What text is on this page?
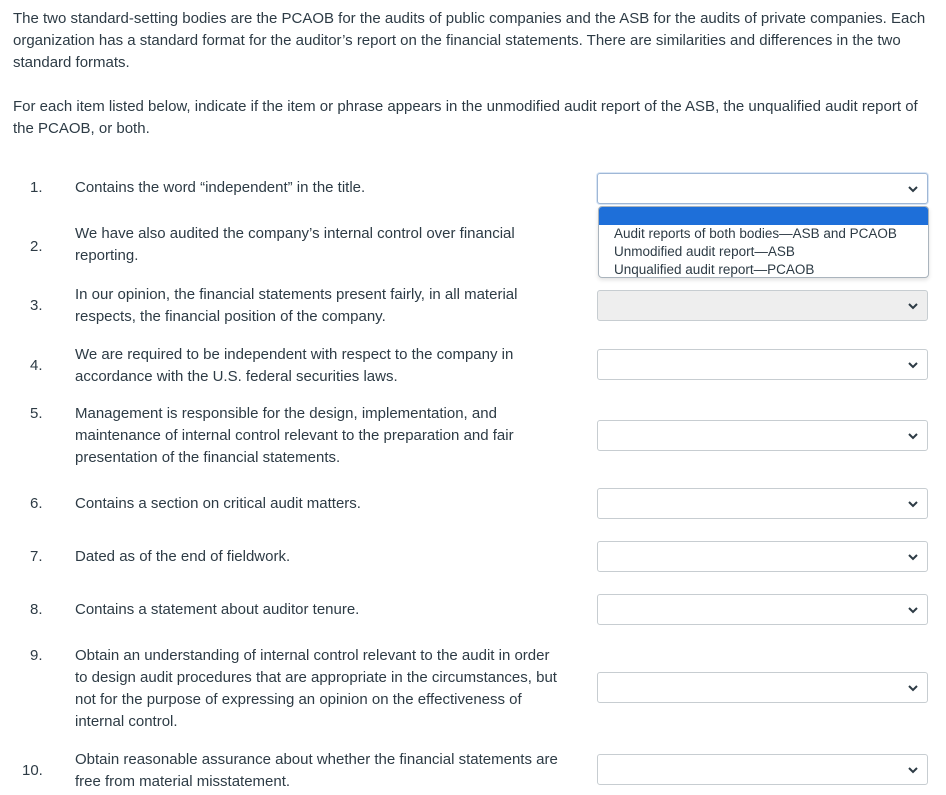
The two standard-setting bodies are the PCAOB for the audits of public companies and the ASB for the audits of private companies. Each organization has a standard format for the auditor’s report on the financial statements. There are similarities and differences in the two standard formats.

For each item listed below, indicate if the item or phrase appears in the unmodified audit report of the ASB, the unqualified audit report of the PCAOB, or both.

1.	Contains the word “independent” in the title.
2.
We have also audited the company’s internal control over financial reporting.
3.
In our opinion, the financial statements present fairly, in all material respects, the financial position of the company.
4.
We are required to be independent with respect to the company in accordance with the U.S. federal securities laws.
5.	Management is responsible for the design, implementation, and maintenance of internal control relevant to the preparation and fair presentation of the financial statements.
6.	Contains a section on critical audit matters.
7.	Dated as of the end of fieldwork.
8.	Contains a statement about auditor tenure.
9.	Obtain an understanding of internal control relevant to the audit in order to design audit procedures that are appropriate in the circumstances, but not for the purpose of expressing an opinion on the effectiveness of internal control.
10.
Obtain reasonable assurance about whether the financial statements are free from material misstatement.
Audit reports of both bodies—ASB and PCAOB
Unmodified audit report—ASB
Unqualified audit report—PCAOB
